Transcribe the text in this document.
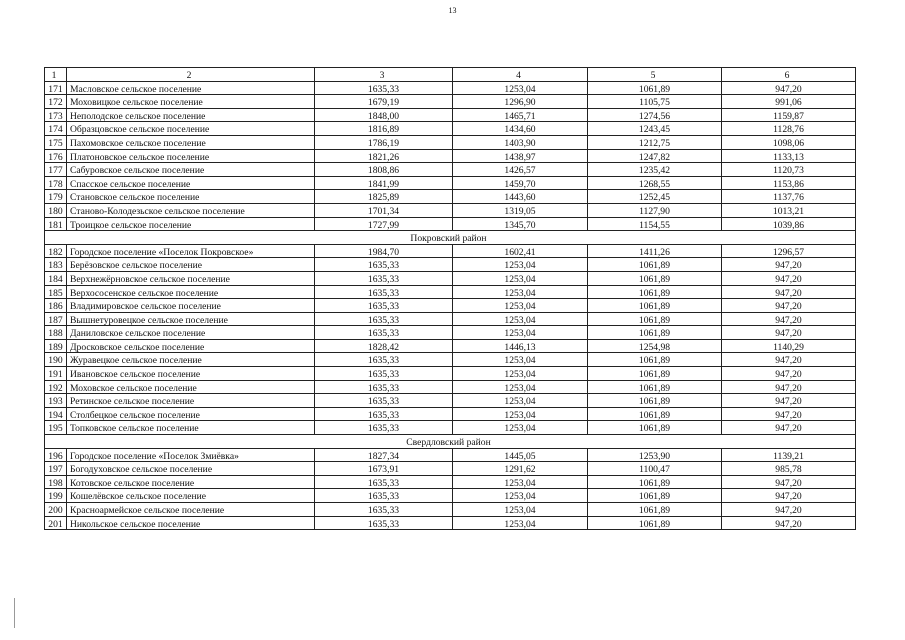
13
1	2	3	4	5	6
171	Масловское сельское поселение	1635,33	1253,04	1061,89	947,20
172	Моховицкое сельское поселение	1679,19	1296,90	1105,75	991,06
173	Неполодское сельское поселение	1848,00	1465,71	1274,56	1159,87
174	Образцовское сельское поселение	1816,89	1434,60	1243,45	1128,76
175	Пахомовское сельское поселение	1786,19	1403,90	1212,75	1098,06
176	Платоновское сельское поселение	1821,26	1438,97	1247,82	1133,13
177	Сабуровское сельское поселение	1808,86	1426,57	1235,42	1120,73
178	Спасское сельское поселение	1841,99	1459,70	1268,55	1153,86
179	Становское сельское поселение	1825,89	1443,60	1252,45	1137,76
180	Станово-Колодезьское сельское поселение	1701,34	1319,05	1127,90	1013,21
181	Троицкое сельское поселение	1727,99	1345,70	1154,55	1039,86
Покровский район					
182	Городское поселение «Поселок Покровское»	1984,70	1602,41	1411,26	1296,57
183	Берёзовское сельское поселение	1635,33	1253,04	1061,89	947,20
184	Верхнежёрновское сельское поселение	1635,33	1253,04	1061,89	947,20
185	Верхососенское сельское поселение	1635,33	1253,04	1061,89	947,20
186	Владимировское сельское поселение	1635,33	1253,04	1061,89	947,20
187	Вышнетуровецкое сельское поселение	1635,33	1253,04	1061,89	947,20
188	Даниловское сельское поселение	1635,33	1253,04	1061,89	947,20
189	Дросковское сельское поселение	1828,42	1446,13	1254,98	1140,29
190	Журавецкое сельское поселение	1635,33	1253,04	1061,89	947,20
191	Ивановское сельское поселение	1635,33	1253,04	1061,89	947,20
192	Моховское сельское поселение	1635,33	1253,04	1061,89	947,20
193	Ретинское сельское поселение	1635,33	1253,04	1061,89	947,20
194	Столбецкое сельское поселение	1635,33	1253,04	1061,89	947,20
195	Топковское сельское поселение	1635,33	1253,04	1061,89	947,20
Свердловский район					
196	Городское поселение «Поселок Змиёвка»	1827,34	1445,05	1253,90	1139,21
197	Богодуховское сельское поселение	1673,91	1291,62	1100,47	985,78
198	Котовское сельское поселение	1635,33	1253,04	1061,89	947,20
199	Кошелёвское сельское поселение	1635,33	1253,04	1061,89	947,20
200	Красноармейское сельское поселение	1635,33	1253,04	1061,89	947,20
201	Никольское сельское поселение	1635,33	1253,04	1061,89	947,20
